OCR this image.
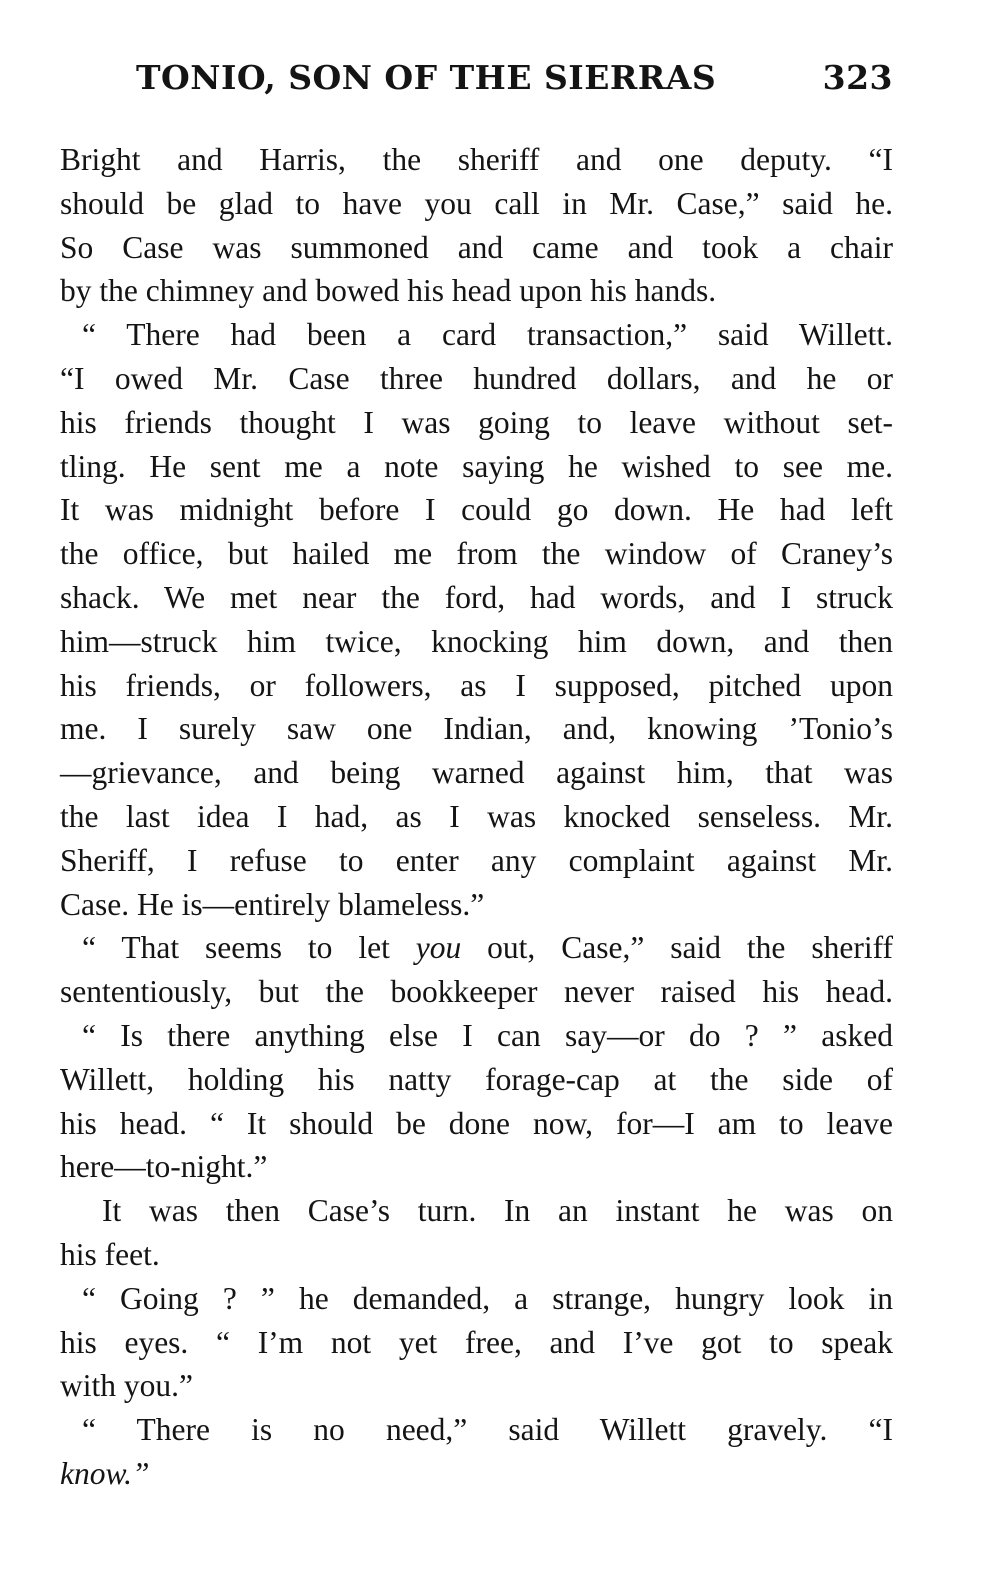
TONIO, SON OF THE SIERRAS	323
Bright and Harris, the sheriff and one deputy. “I
should be glad to have you call in Mr. Case,” said he.
So Case was summoned and came and took a chair
by the chimney and bowed his head upon his hands.
“ There had been a card transaction,” said Willett.
“I owed Mr. Case three hundred dollars, and he or
his friends thought I was going to leave without set-
tling. He sent me a note saying he wished to see me.
It was midnight before I could go down. He had left
the office, but hailed me from the window of Craney’s
shack. We met near the ford, had words, and I struck
him—struck him twice, knocking him down, and then
his friends, or followers, as I supposed, pitched upon
me. I surely saw one Indian, and, knowing ’Tonio’s
—grievance, and being warned against him, that was
the last idea I had, as I was knocked senseless. Mr.
Sheriff, I refuse to enter any complaint against Mr.
Case. He is—entirely blameless.”
“ That seems to let you out, Case,” said the sheriff
sententiously, but the bookkeeper never raised his head.
“ Is there anything else I can say—or do ? ” asked
Willett, holding his natty forage-cap at the side of
his head. “ It should be done now, for—I am to leave
here—to-night.”
It was then Case’s turn. In an instant he was on
his feet.
“ Going ? ” he demanded, a strange, hungry look in
his eyes. “ I’m not yet free, and I’ve got to speak
with you.”
“ There is no need,” said Willett gravely. “I
know.”
